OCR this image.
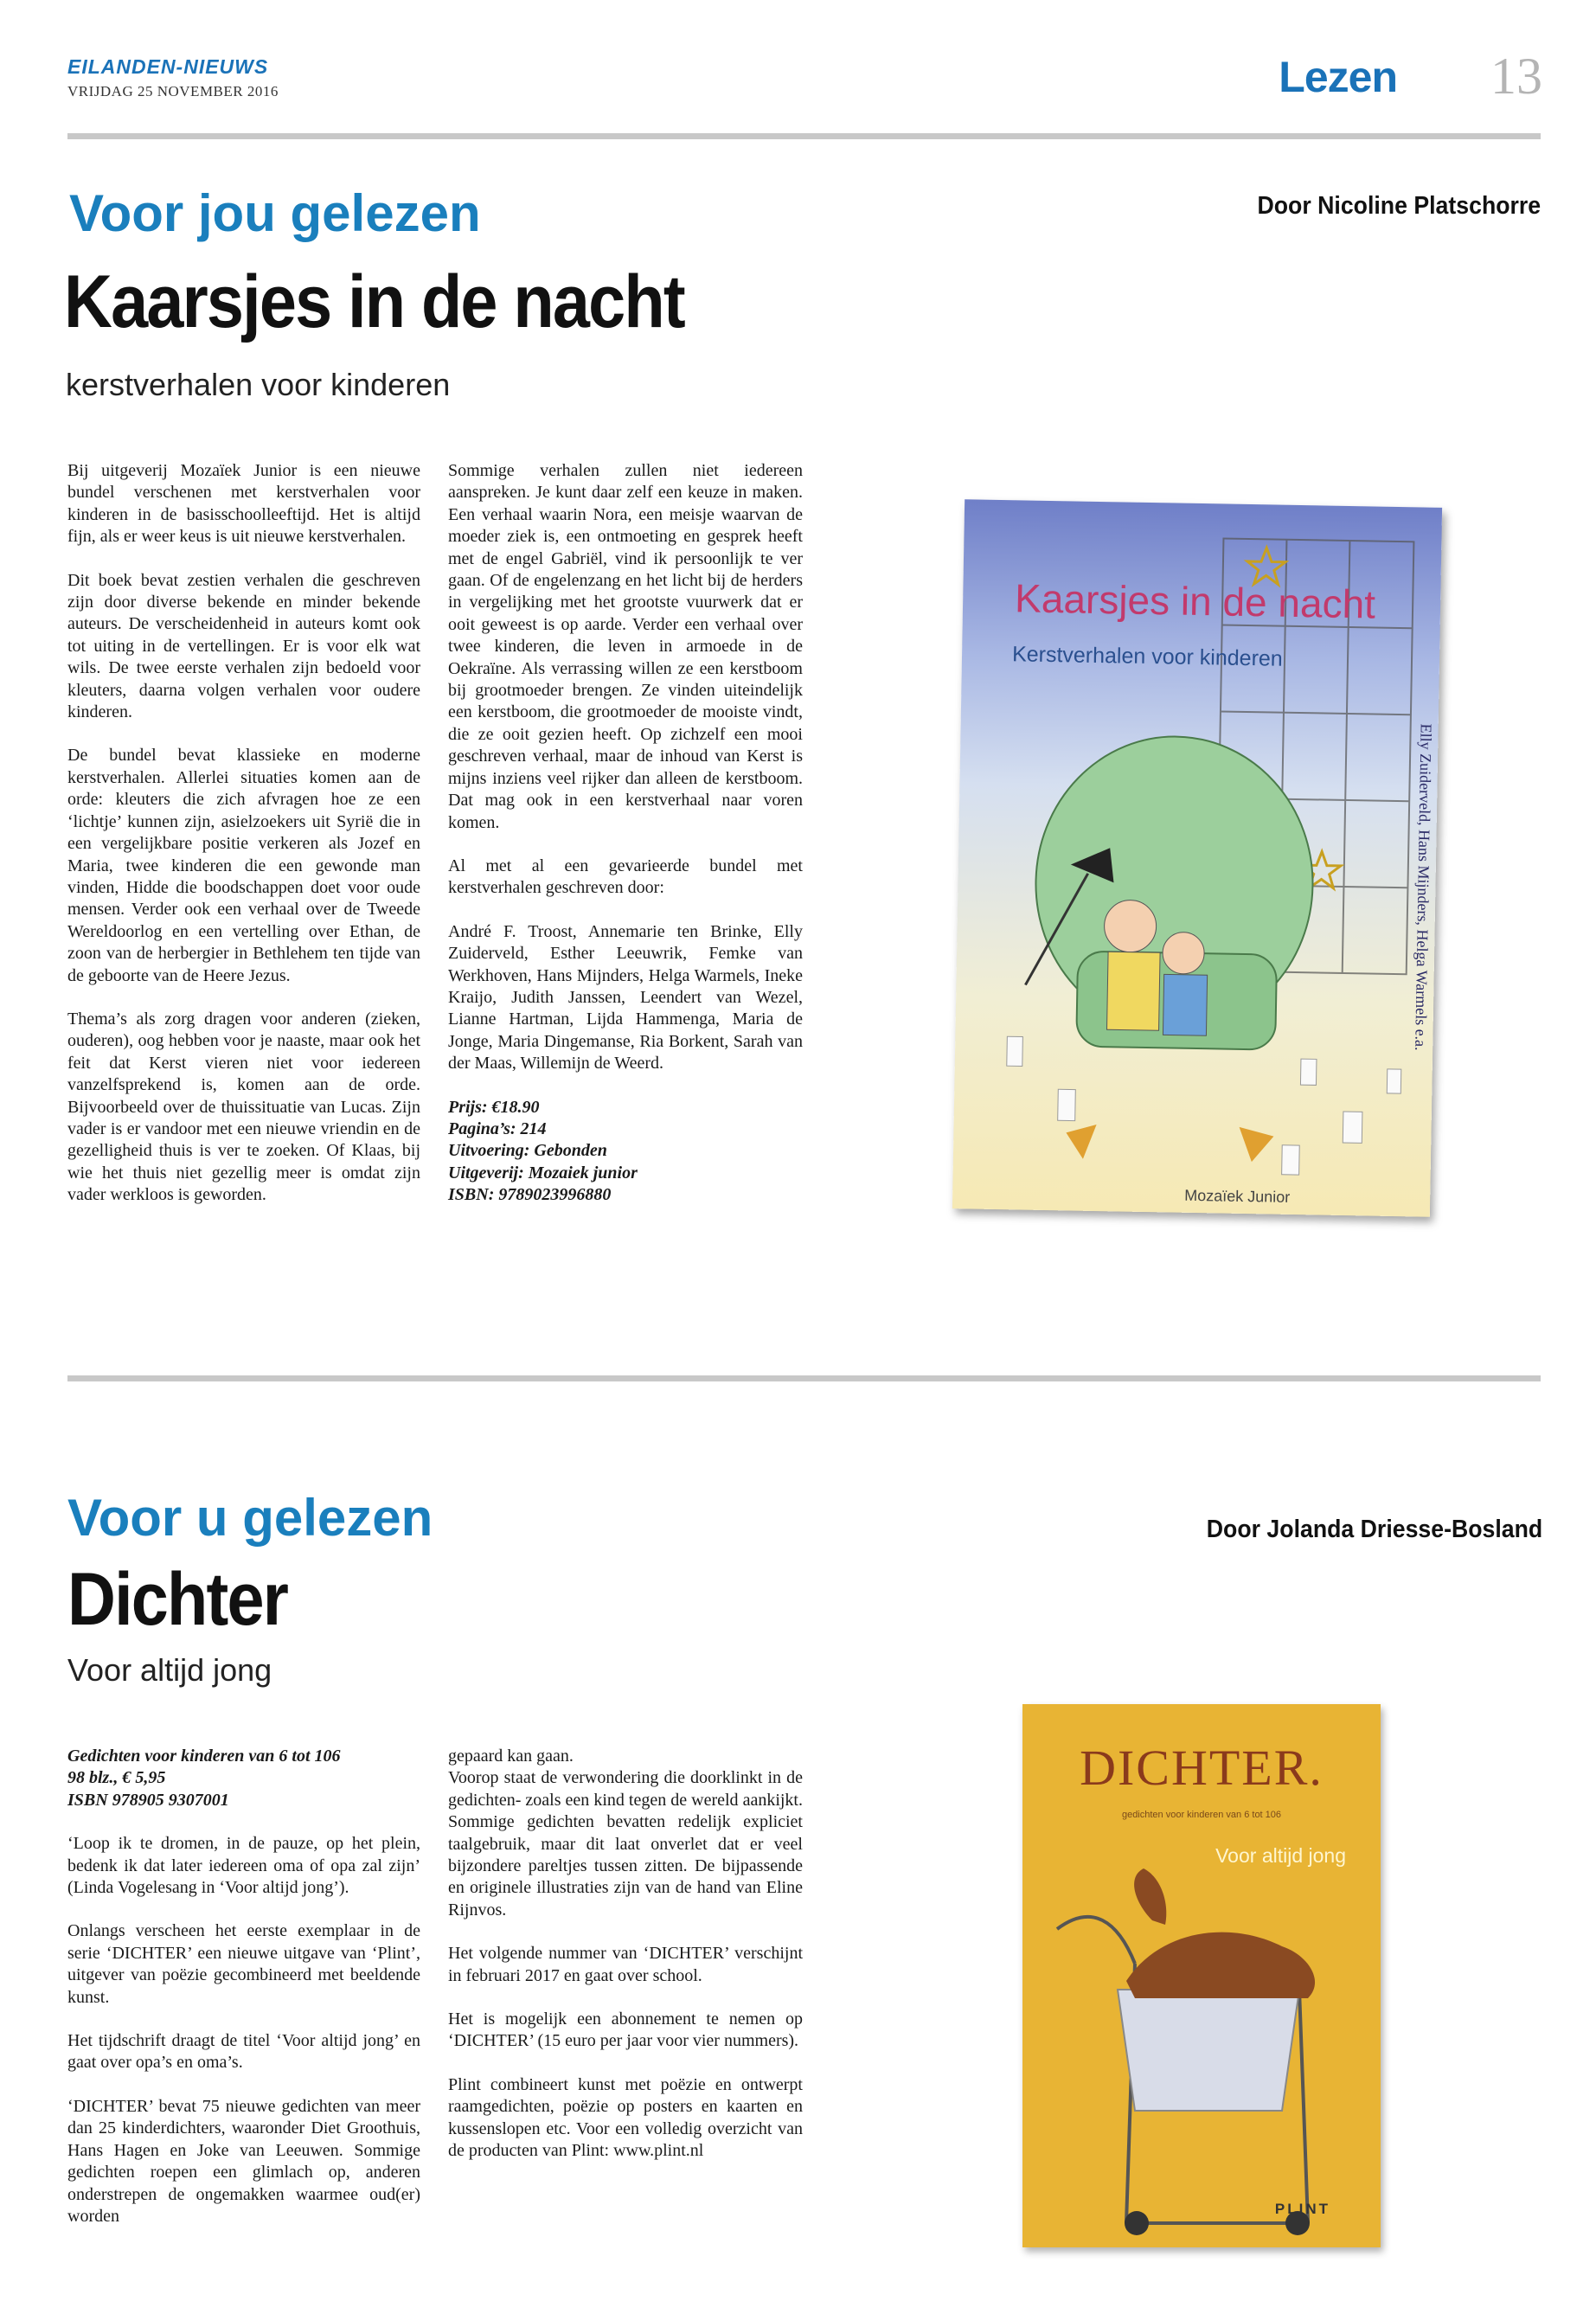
EILANDEN-NIEUWS
VRIJDAG 25 NOVEMBER 2016	Lezen 13
Voor jou gelezen	Door Nicoline Platschorre
Kaarsjes in de nacht
kerstverhalen voor kinderen

Bij uitgeverij Mozaïek Junior is een nieuwe bundel verschenen met kerstverhalen voor kinderen in de basisschoolleeftijd. Het is altijd fijn, als er weer keus is uit nieuwe kerstverhalen.

Dit boek bevat zestien verhalen die geschreven zijn door diverse bekende en minder bekende auteurs. De verscheidenheid in auteurs komt ook tot uiting in de vertellingen. Er is voor elk wat wils. De twee eerste verhalen zijn bedoeld voor kleuters, daarna volgen verhalen voor oudere kinderen.

De bundel bevat klassieke en moderne kerstverhalen. Allerlei situaties komen aan de orde: kleuters die zich afvragen hoe ze een ‘lichtje’ kunnen zijn, asielzoekers uit Syrië die in een vergelijkbare positie verkeren als Jozef en Maria, twee kinderen die een gewonde man vinden, Hidde die boodschappen doet voor oude mensen. Verder ook een verhaal over de Tweede Wereldoorlog en een vertelling over Ethan, de zoon van de herbergier in Bethlehem ten tijde van de geboorte van de Heere Jezus.

Thema’s als zorg dragen voor anderen (zieken, ouderen), oog hebben voor je naaste, maar ook het feit dat Kerst vieren niet voor iedereen vanzelfsprekend is, komen aan de orde. Bijvoorbeeld over de thuissituatie van Lucas. Zijn vader is er vandoor met een nieuwe vriendin en de gezelligheid thuis is ver te zoeken. Of Klaas, bij wie het thuis niet gezellig meer is omdat zijn vader werkloos is geworden.

Sommige verhalen zullen niet iedereen aanspreken. Je kunt daar zelf een keuze in maken. Een verhaal waarin Nora, een meisje waarvan de moeder ziek is, een ontmoeting en gesprek heeft met de engel Gabriël, vind ik persoonlijk te ver gaan. Of de engelenzang en het licht bij de herders in vergelijking met het grootste vuurwerk dat er ooit geweest is op aarde. Verder een verhaal over twee kinderen, die leven in armoede in de Oekraïne. Als verrassing willen ze een kerstboom bij grootmoeder brengen. Ze vinden uiteindelijk een kerstboom, die grootmoeder de mooiste vindt, die ze ooit gezien heeft. Op zichzelf een mooi geschreven verhaal, maar de inhoud van Kerst is mijns inziens veel rijker dan alleen de kerstboom. Dat mag ook in een kerstverhaal naar voren komen.

Al met al een gevarieerde bundel met kerstverhalen geschreven door:

André F. Troost, Annemarie ten Brinke, Elly Zuiderveld, Esther Leeuwrik, Femke van Werkhoven, Hans Mijnders, Helga Warmels, Ineke Kraijo, Judith Janssen, Leendert van Wezel, Lianne Hartman, Lijda Hammenga, Maria de Jonge, Maria Dingemanse, Ria Borkent, Sarah van der Maas, Willemijn de Weerd.

Prijs: €18.90
Pagina’s: 214
Uitvoering: Gebonden
Uitgeverij: Mozaiek junior
ISBN: 9789023996880
Kaarsjes in de nacht
Kerstverhalen voor kinderen
Elly Zuiderveld, Hans Mijnders, Helga Warmels e.a.
Mozaïek Junior
Voor u gelezen	Door Jolanda Driesse-Bosland
Dichter
Voor altijd jong
Gedichten voor kinderen van 6 tot 106
98 blz., € 5,95
ISBN 978905 9307001

‘Loop ik te dromen, in de pauze, op het plein, bedenk ik dat later iedereen oma of opa zal zijn’ (Linda Vogelesang in ‘Voor altijd jong’).

Onlangs verscheen het eerste exemplaar in de serie ‘DICHTER’ een nieuwe uitgave van ‘Plint’, uitgever van poëzie gecombineerd met beeldende kunst.

Het tijdschrift draagt de titel ‘Voor altijd jong’ en gaat over opa’s en oma’s.

‘DICHTER’ bevat 75 nieuwe gedichten van meer dan 25 kinderdichters, waaronder Diet Groothuis, Hans Hagen en Joke van Leeuwen. Sommige gedichten roepen een glimlach op, anderen onderstrepen de ongemakken waarmee oud(er) worden

gepaard kan gaan.

Voorop staat de verwondering die doorklinkt in de gedichten- zoals een kind tegen de wereld aankijkt. Sommige gedichten bevatten redelijk expliciet taalgebruik, maar dit laat onverlet dat er veel bijzondere pareltjes tussen zitten. De bijpassende en originele illustraties zijn van de hand van Eline Rijnvos.

Het volgende nummer van ‘DICHTER’ verschijnt in februari 2017 en gaat over school.

Het is mogelijk een abonnement te nemen op ‘DICHTER’ (15 euro per jaar voor vier nummers).

Plint combineert kunst met poëzie en ontwerpt raamgedichten, poëzie op posters en kaarten en kussenslopen etc. Voor een volledig overzicht van de producten van Plint: www.plint.nl

DICHTER.
gedichten voor kinderen van 6 tot 106
Voor altijd jong
PLINT
